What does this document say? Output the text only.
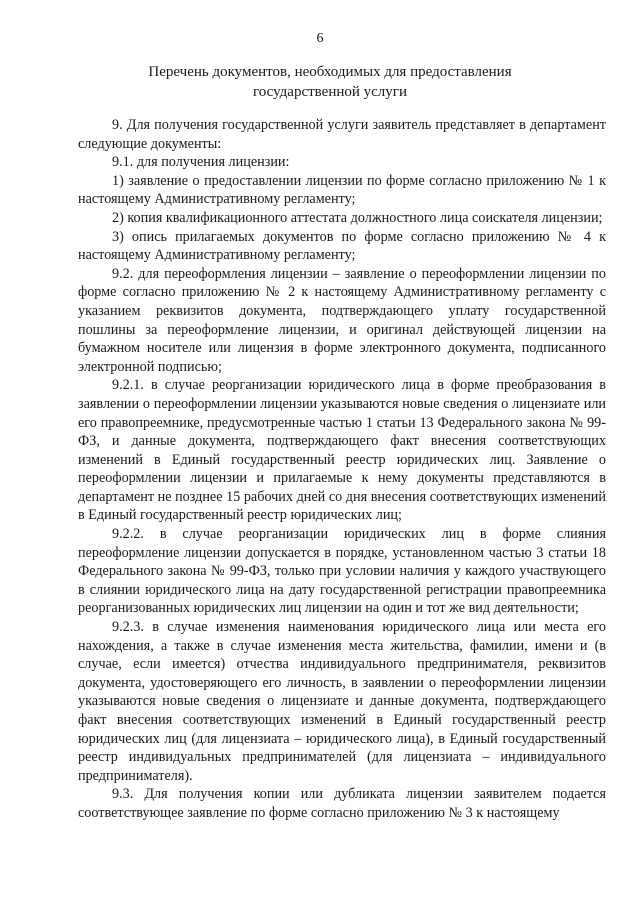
6
Перечень документов, необходимых для предоставления
государственной услуги

9. Для получения государственной услуги заявитель представляет в департамент следующие документы:

9.1. для получения лицензии:

1) заявление о предоставлении лицензии по форме согласно приложению № 1 к настоящему Административному регламенту;

2) копия квалификационного аттестата должностного лица соискателя лицензии;

3) опись прилагаемых документов по форме согласно приложению № 4 к настоящему Административному регламенту;

9.2. для переоформления лицензии – заявление о переоформлении лицензии по форме согласно приложению № 2 к настоящему Административному регламенту с указанием реквизитов документа, подтверждающего уплату государственной пошлины за переоформление лицензии, и оригинал действующей лицензии на бумажном носителе или лицензия в форме электронного документа, подписанного электронной подписью;

9.2.1. в случае реорганизации юридического лица в форме преобразования в заявлении о переоформлении лицензии указываются новые сведения о лицензиате или его правопреемнике, предусмотренные частью 1 статьи 13 Федерального закона № 99-ФЗ, и данные документа, подтверждающего факт внесения соответствующих изменений в Единый государственный реестр юридических лиц. Заявление о переоформлении лицензии и прилагаемые к нему документы представляются в департамент не позднее 15 рабочих дней со дня внесения соответствующих изменений в Единый государственный реестр юридических лиц;

9.2.2. в случае реорганизации юридических лиц в форме слияния переоформление лицензии допускается в порядке, установленном частью 3 статьи 18 Федерального закона № 99-ФЗ, только при условии наличия у каждого участвующего в слиянии юридического лица на дату государственной регистрации правопреемника реорганизованных юридических лиц лицензии на один и тот же вид деятельности;

9.2.3. в случае изменения наименования юридического лица или места его нахождения, а также в случае изменения места жительства, фамилии, имени и (в случае, если имеется) отчества индивидуального предпринимателя, реквизитов документа, удостоверяющего его личность, в заявлении о переоформлении лицензии указываются новые сведения о лицензиате и данные документа, подтверждающего факт внесения соответствующих изменений в Единый государственный реестр юридических лиц (для лицензиата – юридического лица), в Единый государственный реестр индивидуальных предпринимателей (для лицензиата – индивидуального предпринимателя).

9.3. Для получения копии или дубликата лицензии заявителем подается соответствующее заявление по форме согласно приложению № 3 к настоящему
